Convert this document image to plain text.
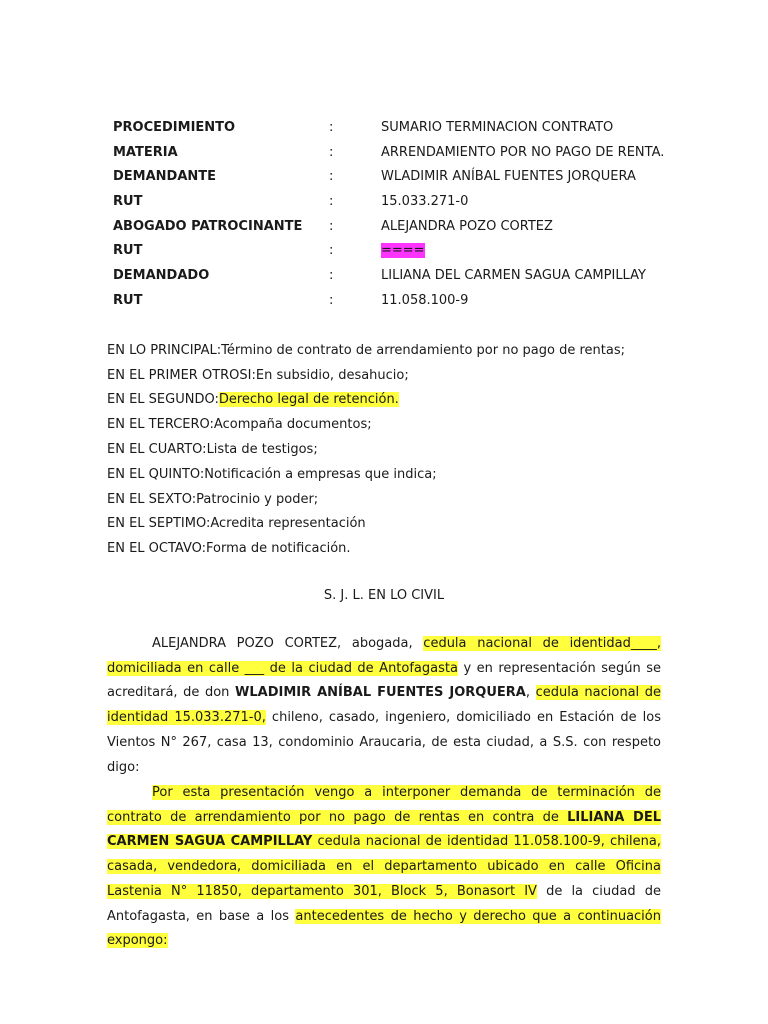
PROCEDIMIENTO	:	SUMARIO TERMINACION CONTRATO
MATERIA	:	ARRENDAMIENTO POR NO PAGO DE RENTA.
DEMANDANTE	:	WLADIMIR ANÍBAL FUENTES JORQUERA
RUT	:	15.033.271-0
ABOGADO PATROCINANTE	:	ALEJANDRA POZO CORTEZ
RUT	:	====
DEMANDADO	:	LILIANA DEL CARMEN SAGUA CAMPILLAY
RUT	:	11.058.100-9
EN LO PRINCIPAL: Término de contrato de arrendamiento por no pago de rentas;
EN EL PRIMER OTROSI: En subsidio, desahucio;
EN EL SEGUNDO: Derecho legal de retención.
EN EL TERCERO: Acompaña documentos;
EN EL CUARTO: Lista de testigos;
EN EL QUINTO: Notificación a empresas que indica;
EN EL SEXTO: Patrocinio y poder;
EN EL SEPTIMO: Acredita representación
EN EL OCTAVO: Forma de notificación.
S. J. L. EN LO CIVIL

ALEJANDRA POZO CORTEZ, abogada, cedula nacional de identidad____, domiciliada en calle ___ de la ciudad de Antofagasta y en representación según se acreditará, de don WLADIMIR ANÍBAL FUENTES JORQUERA, cedula nacional de identidad 15.033.271-0, chileno, casado, ingeniero, domiciliado en Estación de los Vientos N° 267, casa 13, condominio Araucaria, de esta ciudad, a S.S. con respeto digo:

Por esta presentación vengo a interponer demanda de terminación de contrato de arrendamiento por no pago de rentas en contra de LILIANA DEL CARMEN SAGUA CAMPILLAY cedula nacional de identidad 11.058.100-9, chilena, casada, vendedora, domiciliada en el departamento ubicado en calle Oficina Lastenia N° 11850, departamento 301, Block 5, Bonasort IV de la ciudad de Antofagasta, en base a los antecedentes de hecho y derecho que a continuación expongo:
